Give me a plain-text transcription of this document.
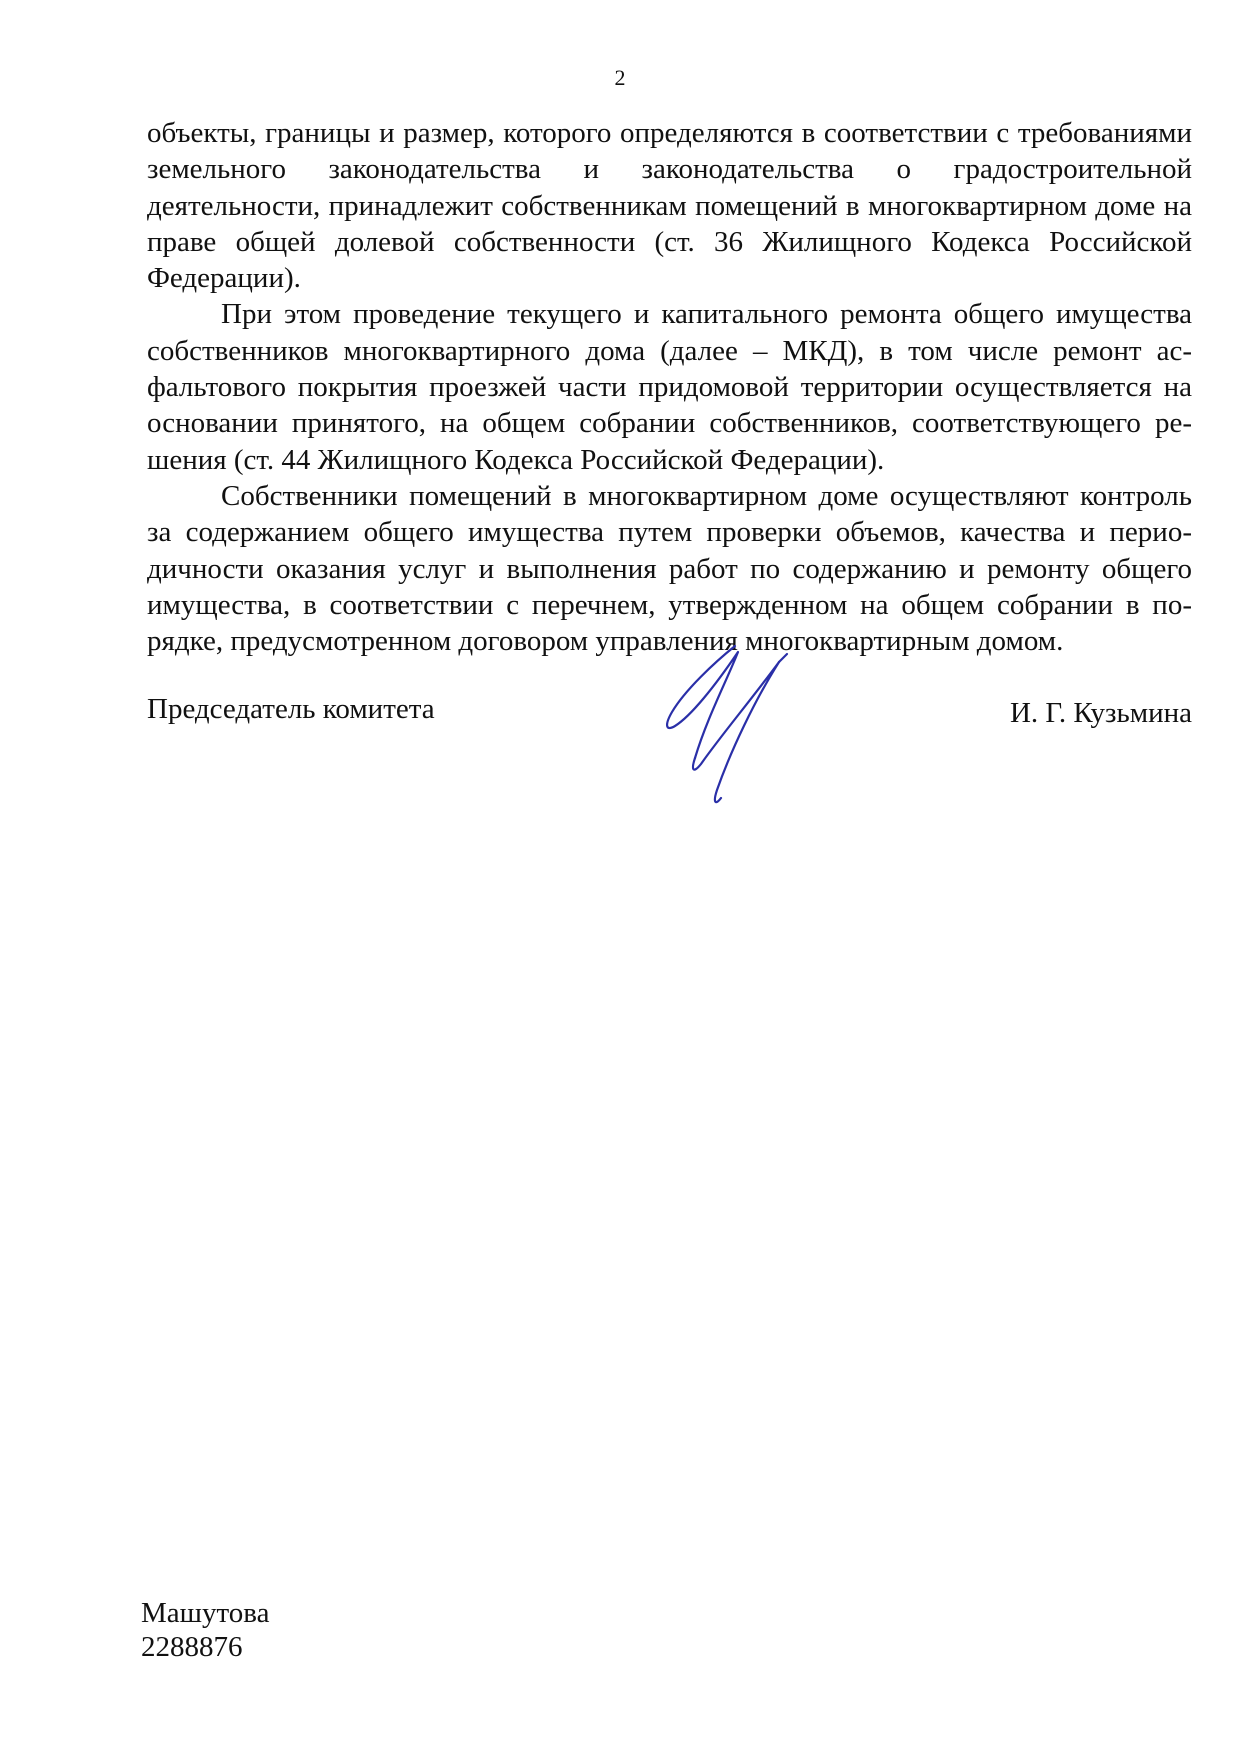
2

объекты, границы и размер, которого определяются в соответствии с требованиями земельного законодательства и законодательства о градостроительной деятельности, принадлежит собственникам помещений в многоквартирном доме на праве общей долевой собственности (ст. 36 Жилищного Кодекса Российской Федерации).

При этом проведение текущего и капитального ремонта общего имущества собственников многоквартирного дома (далее – МКД), в том числе ремонт асфальтового покрытия проезжей части придомовой территории осуществляется на основании принятого, на общем собрании собственников, соответствующего решения (ст. 44 Жилищного Кодекса Российской Федерации).

Собственники помещений в многоквартирном доме осуществляют контроль за содержанием общего имущества путем проверки объемов, качества и периодичности оказания услуг и выполнения работ по содержанию и ремонту общего имущества, в соответствии с перечнем, утвержденном на общем собрании в порядке, предусмотренном договором управления многоквартирным домом.

Председатель комитета	И. Г. Кузьмина
Машутова
2288876
